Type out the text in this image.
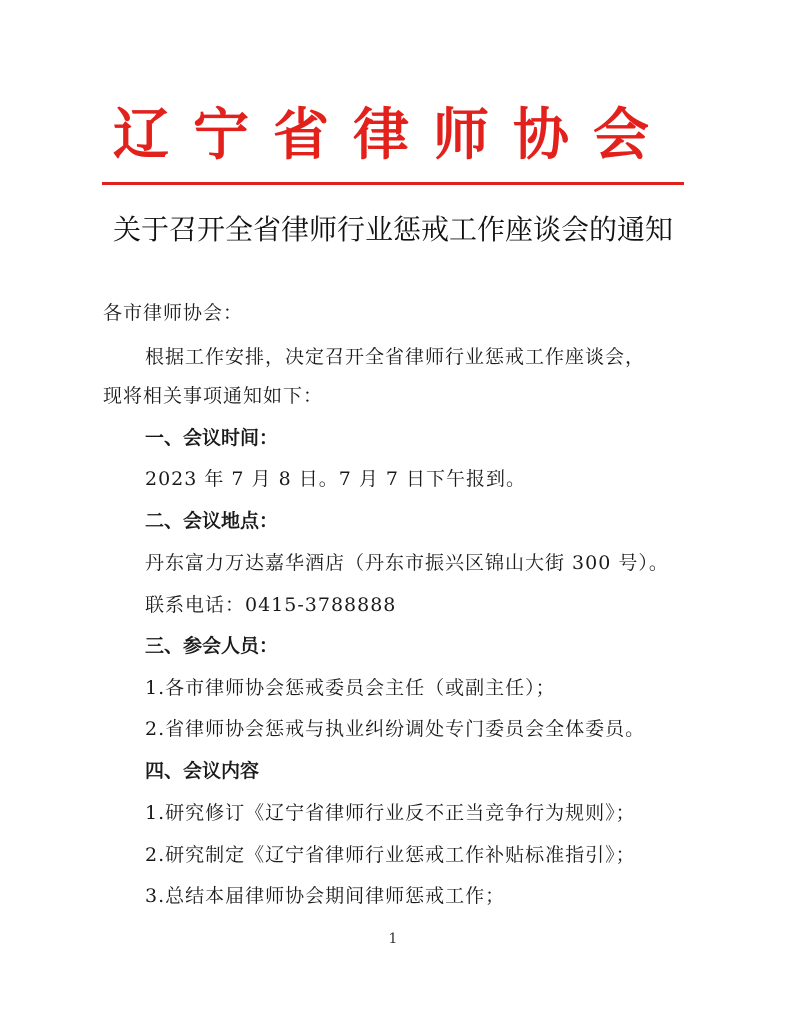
辽宁省律师协会
关于召开全省律师行业惩戒工作座谈会的通知
各市律师协会：
根据工作安排，决定召开全省律师行业惩戒工作座谈会，
现将相关事项通知如下：
一、会议时间：
2023 年 7 月 8 日。7 月 7 日下午报到。
二、会议地点：
丹东富力万达嘉华酒店（丹东市振兴区锦山大街 300 号）。
联系电话：0415-3788888
三、参会人员：
1.各市律师协会惩戒委员会主任（或副主任）；
2.省律师协会惩戒与执业纠纷调处专门委员会全体委员。
四、会议内容
1.研究修订《辽宁省律师行业反不正当竞争行为规则》；
2.研究制定《辽宁省律师行业惩戒工作补贴标准指引》；
3.总结本届律师协会期间律师惩戒工作；
1
